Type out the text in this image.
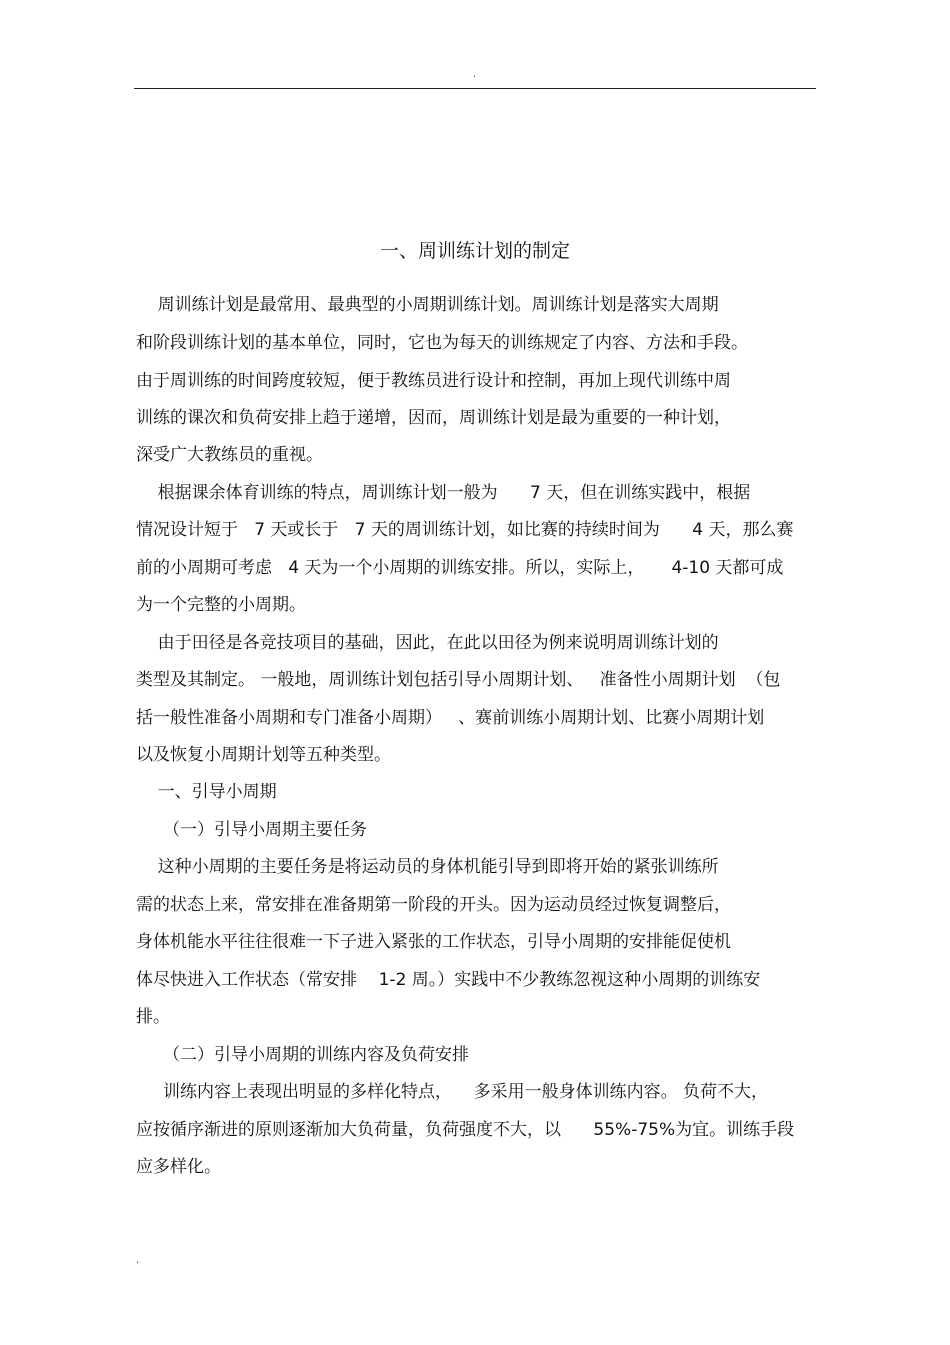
.
一、周训练计划的制定
周训练计划是最常用、最典型的小周期训练计划。周训练计划是落实大周期
和阶段训练计划的基本单位，同时，它也为每天的训练规定了内容、方法和手段。
由于周训练的时间跨度较短，便于教练员进行设计和控制，再加上现代训练中周
训练的课次和负荷安排上趋于递增，因而，周训练计划是最为重要的一种计划，
深受广大教练员的重视。
根据课余体育训练的特点，周训练计划一般为      7 天，但在训练实践中，根据
情况设计短于   7 天或长于   7 天的周训练计划，如比赛的持续时间为      4 天，那么赛
前的小周期可考虑   4 天为一个小周期的训练安排。所以，实际上，     4-10 天都可成
为一个完整的小周期。
由于田径是各竞技项目的基础，因此，在此以田径为例来说明周训练计划的
类型及其制定。 一般地，周训练计划包括引导小周期计划、   准备性小周期计划  （包
括一般性准备小周期和专门准备小周期）   、赛前训练小周期计划、比赛小周期计划
以及恢复小周期计划等五种类型。
一、引导小周期
（一）引导小周期主要任务
这种小周期的主要任务是将运动员的身体机能引导到即将开始的紧张训练所
需的状态上来，常安排在准备期第一阶段的开头。因为运动员经过恢复调整后，
身体机能水平往往很难一下子进入紧张的工作状态，引导小周期的安排能促使机
体尽快进入工作状态（常安排    1-2 周。）实践中不少教练忽视这种小周期的训练安
排。
（二）引导小周期的训练内容及负荷安排
训练内容上表现出明显的多样化特点，    多采用一般身体训练内容。 负荷不大，
应按循序渐进的原则逐渐加大负荷量，负荷强度不大，以      55%-75%为宜。训练手段
应多样化。
.
